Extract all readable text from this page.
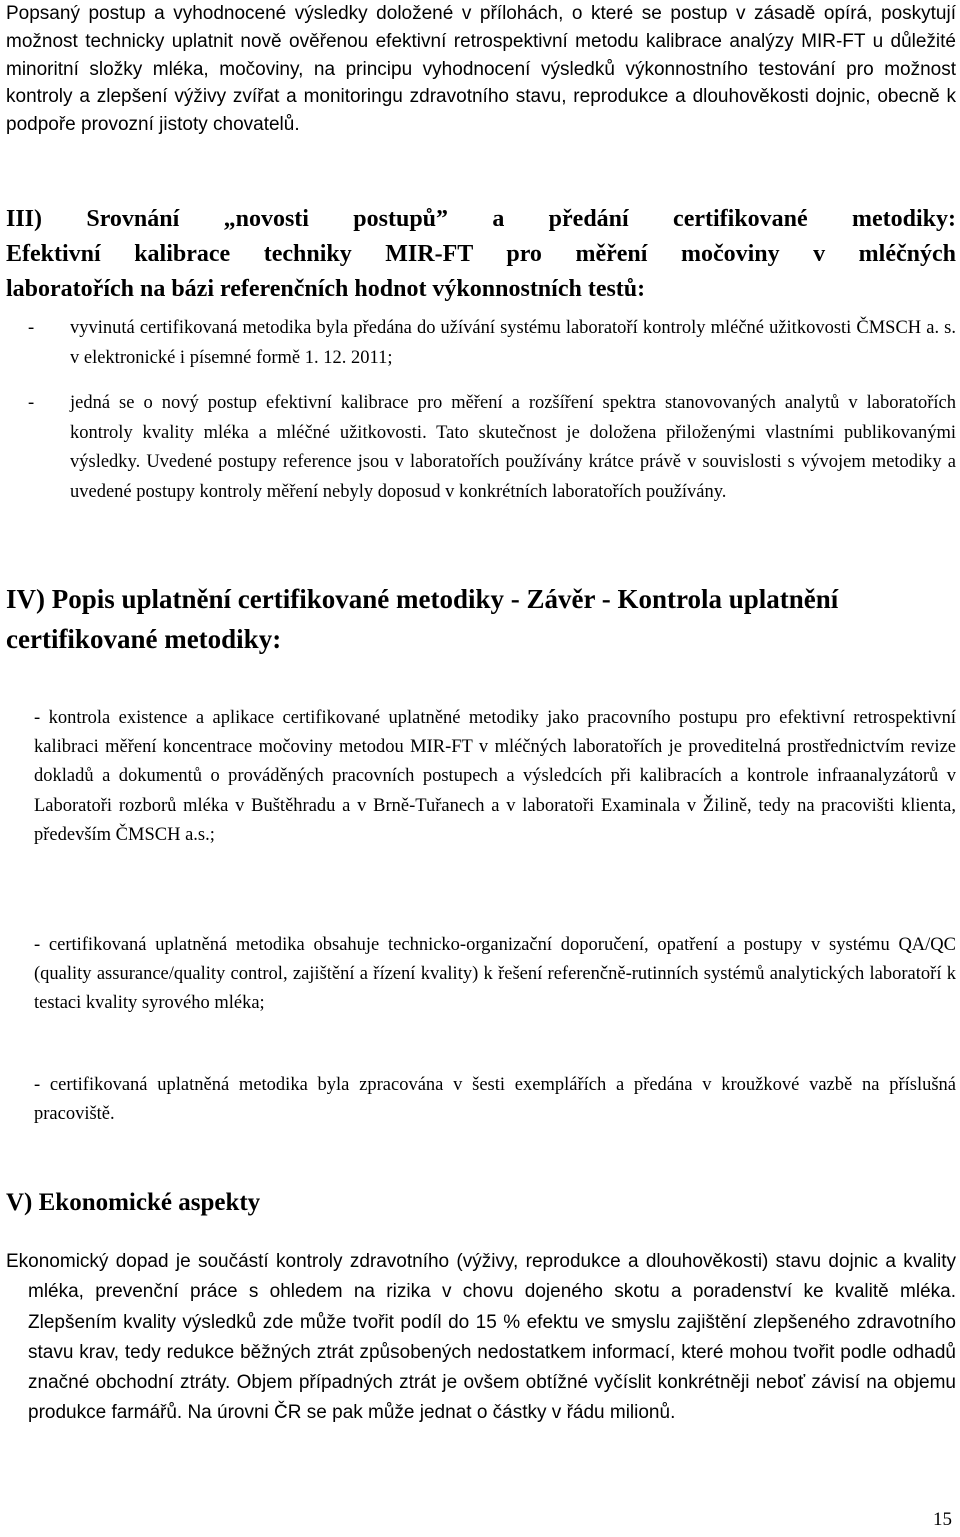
Popsaný postup a vyhodnocené výsledky doložené v přílohách, o které se postup v zásadě opírá, poskytují možnost technicky uplatnit nově ověřenou efektivní retrospektivní metodu kalibrace analýzy MIR-FT u důležité minoritní složky mléka, močoviny, na principu vyhodnocení výsledků výkonnostního testování pro možnost kontroly a zlepšení výživy zvířat a monitoringu zdravotního stavu, reprodukce a dlouhověkosti dojnic, obecně k podpoře provozní jistoty chovatelů.

III) Srovnání „novosti postupů” a předání certifikované metodiky:
Efektivní kalibrace techniky MIR-FT pro měření močoviny v mléčných
laboratořích na bázi referenčních hodnot výkonnostních testů:
- vyvinutá certifikovaná metodika byla předána do užívání systému laboratoří kontroly mléčné užitkovosti ČMSCH a. s. v elektronické i písemné formě 1. 12. 2011;
- jedná se o nový postup efektivní kalibrace pro měření a rozšíření spektra stanovovaných analytů v laboratořích kontroly kvality mléka a mléčné užitkovosti. Tato skutečnost je doložena přiloženými vlastními publikovanými výsledky. Uvedené postupy reference jsou v laboratořích používány krátce právě v souvislosti s vývojem metodiky a uvedené postupy kontroly měření nebyly doposud v konkrétních laboratořích používány.
IV) Popis uplatnění certifikované metodiky - Závěr - Kontrola uplatnění certifikované metodiky:

- kontrola existence a aplikace certifikované uplatněné metodiky jako pracovního postupu pro efektivní retrospektivní kalibraci měření koncentrace močoviny metodou MIR-FT v mléčných laboratořích je proveditelná prostřednictvím revize dokladů a dokumentů o prováděných pracovních postupech a výsledcích při kalibracích a kontrole infraanalyzátorů v Laboratoři rozborů mléka v Buštěhradu a v Brně-Tuřanech a v laboratoři Examinala v Žilině, tedy na pracovišti klienta, především ČMSCH a.s.;

- certifikovaná uplatněná metodika obsahuje technicko-organizační doporučení, opatření a postupy v systému QA/QC (quality assurance/quality control, zajištění a řízení kvality) k řešení referenčně-rutinních systémů analytických laboratoří k testaci kvality syrového mléka;

- certifikovaná uplatněná metodika byla zpracována v šesti exemplářích a předána v kroužkové vazbě na příslušná pracoviště.

V) Ekonomické aspekty
Ekonomický dopad je součástí kontroly zdravotního (výživy, reprodukce a dlouhověkosti) stavu dojnic a kvality mléka, prevenční práce s ohledem na rizika v chovu dojeného skotu a poradenství ke kvalitě mléka. Zlepšením kvality výsledků zde může tvořit podíl do 15 % efektu ve smyslu zajištění zlepšeného zdravotního stavu krav, tedy redukce běžných ztrát způsobených nedostatkem informací, které mohou tvořit podle odhadů značné obchodní ztráty. Objem případných ztrát je ovšem obtížné vyčíslit konkrétněji neboť závisí na objemu produkce farmářů. Na úrovni ČR se pak může jednat o částky v řádu milionů.
15
